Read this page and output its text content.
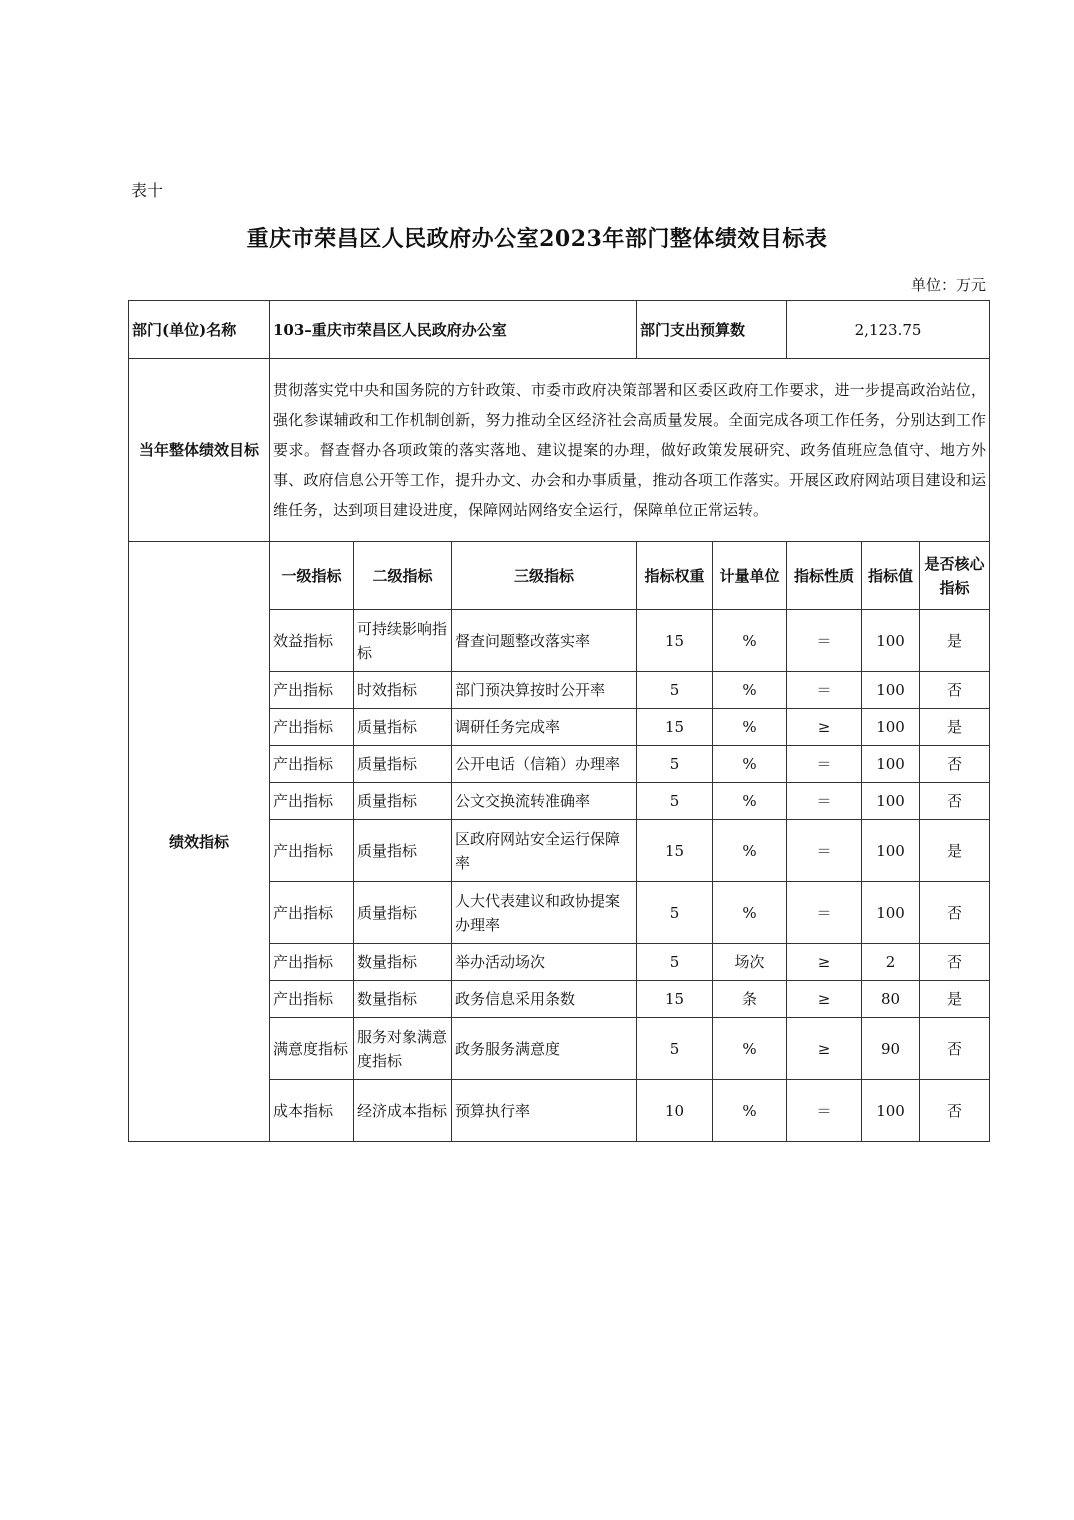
表十
重庆市荣昌区人民政府办公室2023年部门整体绩效目标表
单位：万元
部门(单位)名称	103–重庆市荣昌区人民政府办公室			部门支出预算数		2,123.75		
当年整体绩效目标	贯彻落实党中央和国务院的方针政策、市委市政府决策部署和区委区政府工作要求，进一步提高政治站位，强化参谋辅政和工作机制创新，努力推动全区经济社会高质量发展。全面完成各项工作任务，分别达到工作要求。督查督办各项政策的落实落地、建议提案的办理，做好政策发展研究、政务值班应急值守、地方外事、政府信息公开等工作，提升办文、办会和办事质量，推动各项工作落实。开展区政府网站项目建设和运维任务，达到项目建设进度，保障网站网络安全运行，保障单位正常运转。							
绩效指标	一级指标	二级指标	三级指标	指标权重	计量单位	指标性质	指标值	是否核心指标
	效益指标	可持续影响指标	督查问题整改落实率	15	%	＝	100	是
	产出指标	时效指标	部门预决算按时公开率	5	%	＝	100	否
	产出指标	质量指标	调研任务完成率	15	%	≥	100	是
	产出指标	质量指标	公开电话（信箱）办理率	5	%	＝	100	否
	产出指标	质量指标	公文交换流转准确率	5	%	＝	100	否
	产出指标	质量指标	区政府网站安全运行保障率	15	%	＝	100	是
	产出指标	质量指标	人大代表建议和政协提案办理率	5	%	＝	100	否
	产出指标	数量指标	举办活动场次	5	场次	≥	2	否
	产出指标	数量指标	政务信息采用条数	15	条	≥	80	是
	满意度指标	服务对象满意度指标	政务服务满意度	5	%	≥	90	否
	成本指标	经济成本指标	预算执行率	10	%	＝	100	否
